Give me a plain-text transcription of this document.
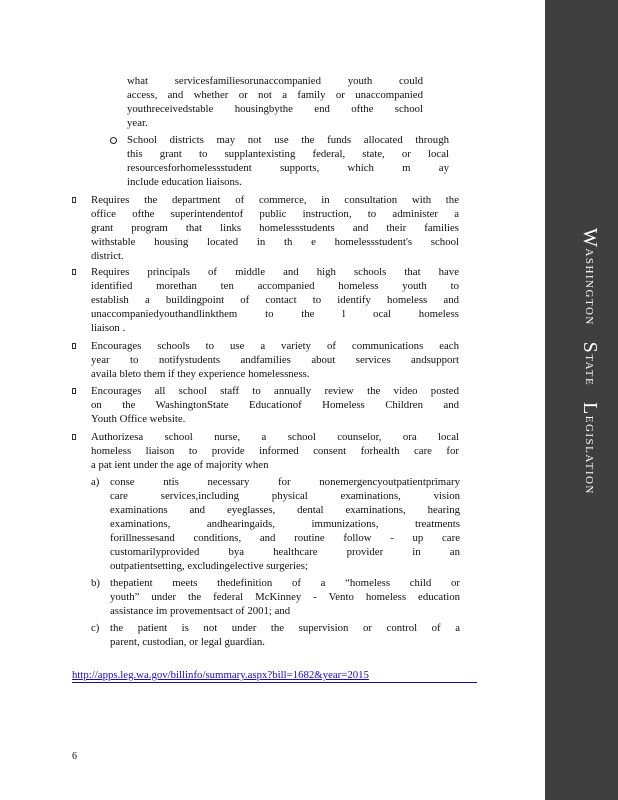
Washington   State   Legislation
what servicesfamiliesorunaccompanied youth could
access, and whether or not a family or unaccompanied
youthreceivedstable housingbythe end ofthe school
year.
School districts may not use the funds allocated through
this grant to supplantexisting federal, state, or local
resourcesforhomelessstudent supports, which m ay
include education liaisons.
Requires the department of commerce, in consultation with the
office ofthe superintendentof public instruction, to administer a
grant program that links homelessstudents and their families
withstable housing located in th e homelessstudent's school
district.
Requires principals of middle and high schools that have
identified morethan ten accompanied homeless youth to
establish a buildingpoint of contact to identify homeless and
unaccompaniedyouthandlinkthem to the l ocal homeless
liaison .
Encourages schools to use a variety of communications each
year to notifystudents andfamilies about services andsupport
availa bleto them if they experience homelessness.
Encourages all school staff to annually review the video posted
on the WashingtonState Educationof Homeless Children and
Youth Office website.
Authorizesa school nurse, a school counselor, ora local
homeless liaison to provide informed consent forhealth care for
a pat ient under the age of majority when
a) conse ntis necessary for nonemergencyoutpatientprimary
care services,including physical examinations, vision
examinations and eyeglasses, dental examinations, hearing
examinations, andhearingaids, immunizations, treatments
forillnessesand conditions, and routine follow - up care
customarilyprovided bya healthcare provider in an
outpatientsetting, excludingelective surgeries;
b) thepatient meets thedefinition of a “homeless child or
youth” under the federal McKinney - Vento homeless education
assistance im provementsact of 2001; and
c) the patient is not under the supervision or control of a
parent, custodian, or legal guardian.
http://apps.leg.wa.gov/billinfo/summary.aspx?bill=1682&year=2015
6
